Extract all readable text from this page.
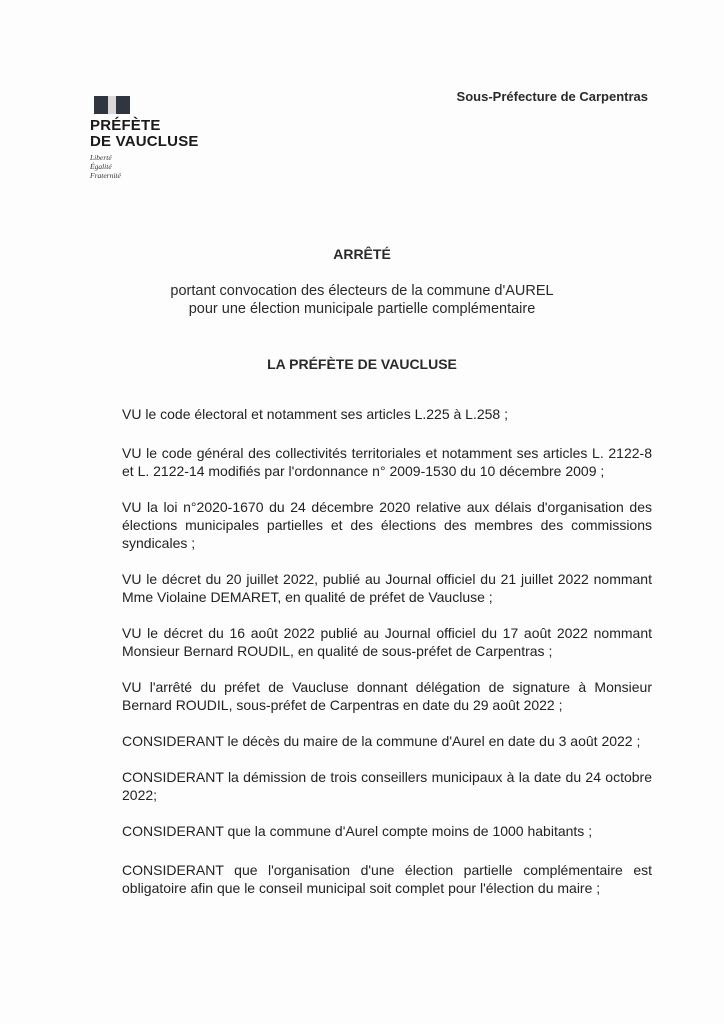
PRÉFÈTE
DE VAUCLUSE
Liberté
Égalité
Fraternité
Sous-Préfecture de Carpentras
ARRÊTÉ
portant convocation des électeurs de la commune d'AUREL
pour une élection municipale partielle complémentaire
LA PRÉFÈTE DE VAUCLUSE

VU le code électoral et notamment ses articles L.225 à L.258 ;

VU le code général des collectivités territoriales et notamment ses articles L. 2122-8 et L. 2122-14 modifiés par l'ordonnance n° 2009-1530 du 10 décembre 2009 ;

VU la loi n°2020-1670 du 24 décembre 2020 relative aux délais d'organisation des élections municipales partielles et des élections des membres des commissions syndicales ;

VU le décret du 20 juillet 2022, publié au Journal officiel du 21 juillet 2022 nommant Mme Violaine DEMARET, en qualité de préfet de Vaucluse ;

VU le décret du 16 août 2022 publié au Journal officiel du 17 août 2022 nommant Monsieur Bernard ROUDIL, en qualité de sous-préfet de Carpentras ;

VU l'arrêté du préfet de Vaucluse donnant délégation de signature à Monsieur Bernard ROUDIL, sous-préfet de Carpentras en date du 29 août 2022 ;

CONSIDERANT le décès du maire de la commune d'Aurel en date du 3 août 2022 ;

CONSIDERANT la démission de trois conseillers municipaux à la date du 24 octobre 2022;

CONSIDERANT que la commune d'Aurel compte moins de 1000 habitants ;

CONSIDERANT que l'organisation d'une élection partielle complémentaire est obligatoire afin que le conseil municipal soit complet pour l'élection du maire ;
